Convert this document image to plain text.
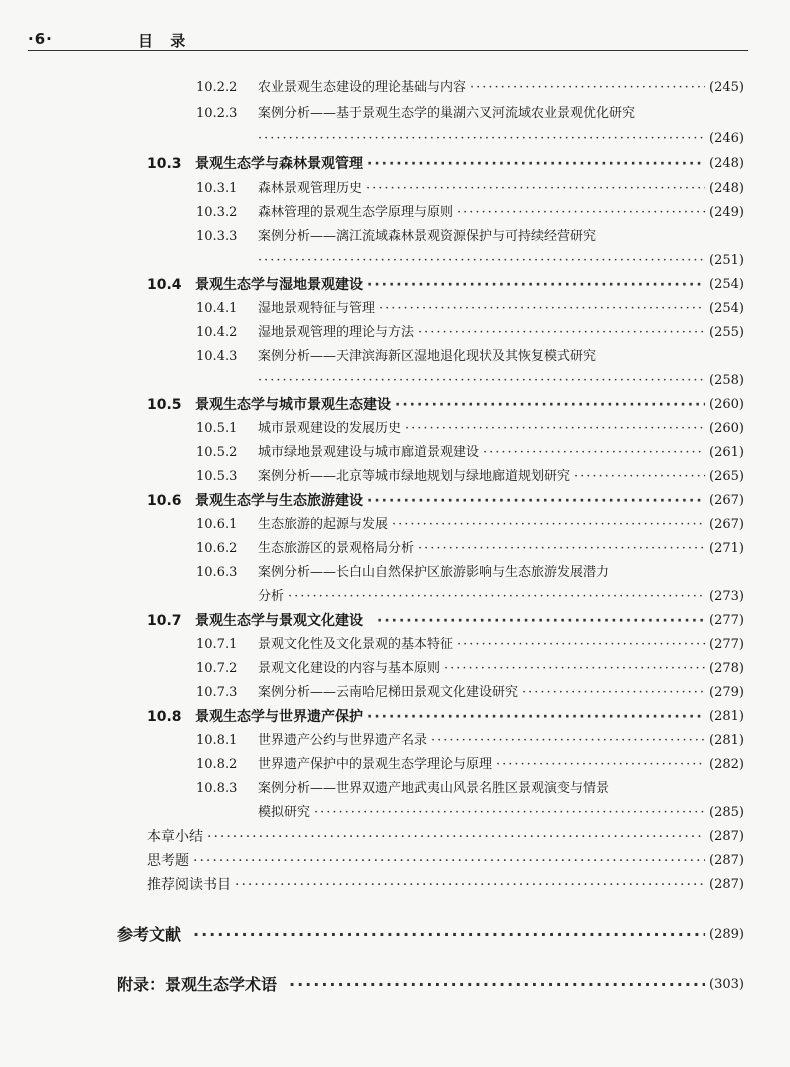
·6·	目 录
10.2.2	农业景观生态建设的理论基础与内容 ·····	(245)
10.2.3 案例分析——基于景观生态学的巢湖六叉河流域农业景观优化研究
·····
(246)
10.3 景观生态学与森林景观管理 ·····	(248)
10.3.1	森林景观管理历史 ·····	(248)
10.3.2	森林管理的景观生态学原理与原则 ·····	(249)
10.3.3 案例分析——漓江流域森林景观资源保护与可持续经营研究
·····
(251)
10.4 景观生态学与湿地景观建设 ·····	(254)
10.4.1	湿地景观特征与管理 ·····	(254)
10.4.2	湿地景观管理的理论与方法 ·····	(255)
10.4.3 案例分析——天津滨海新区湿地退化现状及其恢复模式研究
·····
(258)
10.5 景观生态学与城市景观生态建设 ·····	(260)
10.5.1	城市景观建设的发展历史 ·····	(260)
10.5.2	城市绿地景观建设与城市廊道景观建设 ·····	(261)
10.5.3	案例分析——北京等城市绿地规划与绿地廊道规划研究 ·····	(265)
10.6 景观生态学与生态旅游建设 ·····	(267)
10.6.1	生态旅游的起源与发展 ·····	(267)
10.6.2	生态旅游区的景观格局分析 ·····	(271)
10.6.3 案例分析——长白山自然保护区旅游影响与生态旅游发展潜力
分析 ·····	(273)
10.7 景观生态学与景观文化建设 ·····	(277)
10.7.1	景观文化性及文化景观的基本特征 ·····	(277)
10.7.2	景观文化建设的内容与基本原则 ·····	(278)
10.7.3	案例分析——云南哈尼梯田景观文化建设研究 ·····	(279)
10.8 景观生态学与世界遗产保护 ·····	(281)
10.8.1	世界遗产公约与世界遗产名录 ·····	(281)
10.8.2	世界遗产保护中的景观生态学理论与原理 ·····	(282)
10.8.3 案例分析——世界双遗产地武夷山风景名胜区景观演变与情景
模拟研究 ·····	(285)
本章小结 ·····	(287)
思考题 ·····	(287)
推荐阅读书目 ·····	(287)
参考文献 ·····	(289)
附录：景观生态学术语 ·····	(303)
